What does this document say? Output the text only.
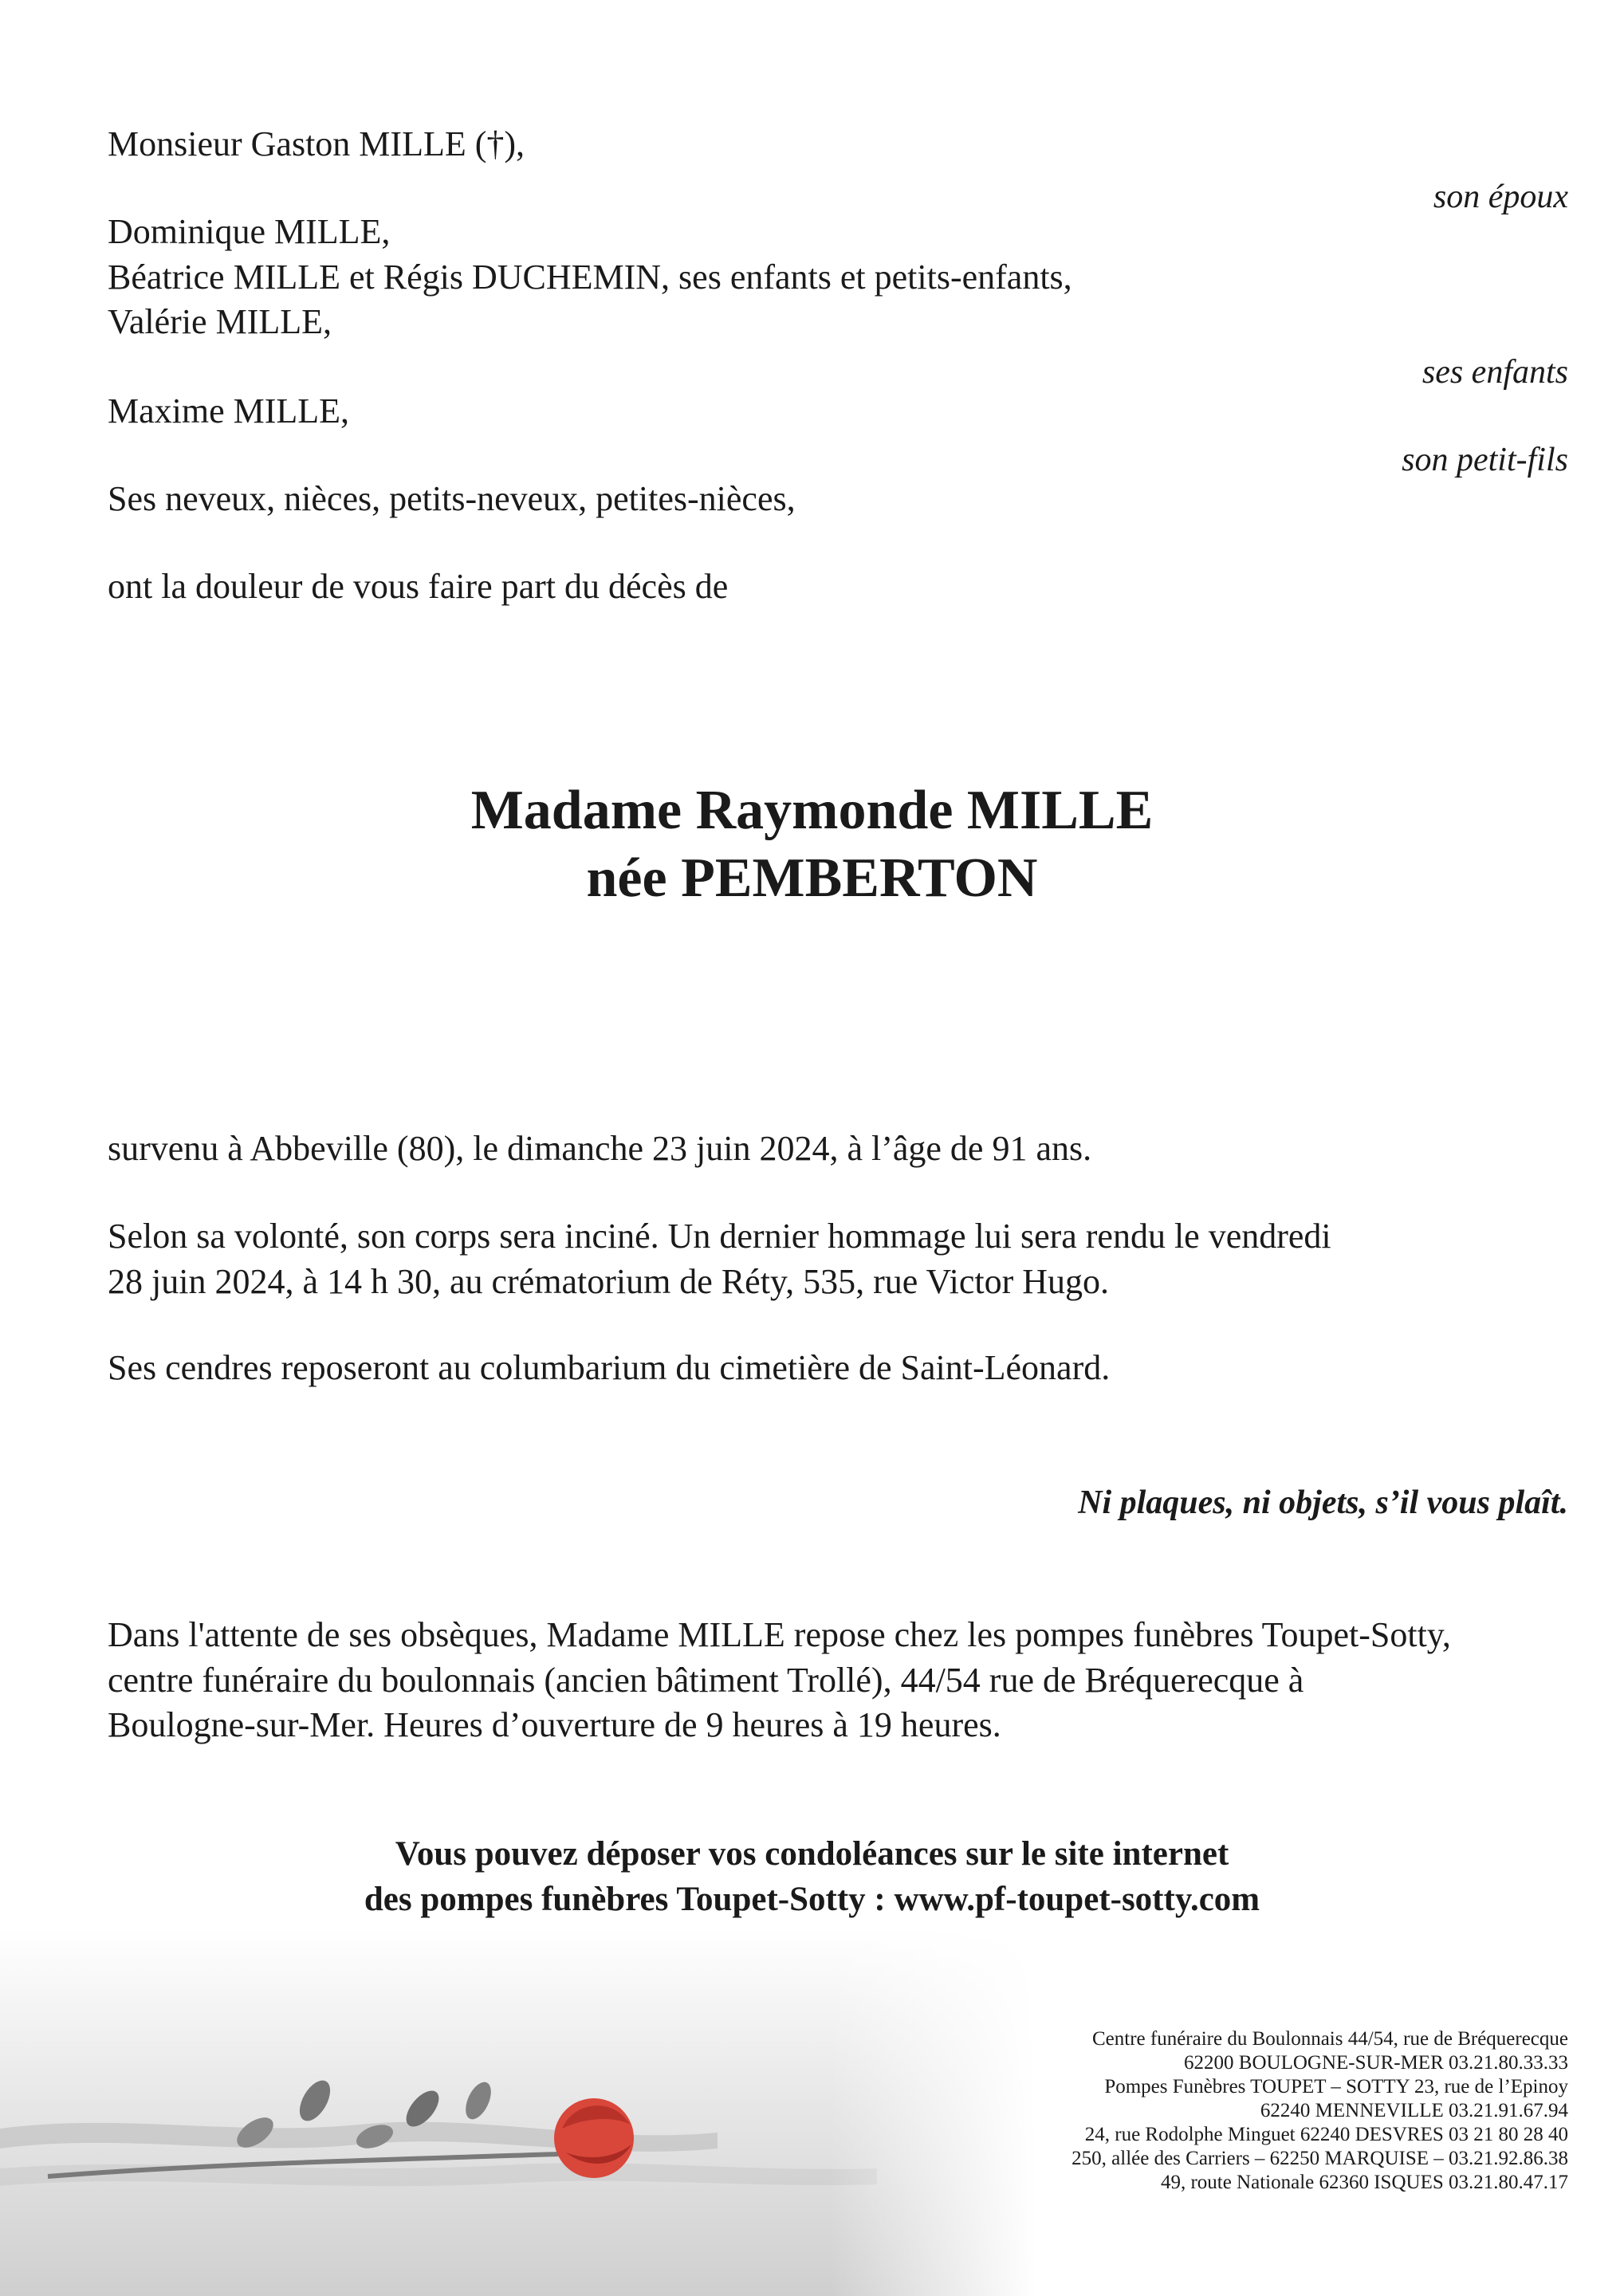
Monsieur Gaston MILLE (†),

son époux

Dominique MILLE,

Béatrice MILLE et Régis DUCHEMIN, ses enfants et petits-enfants,

Valérie MILLE,

ses enfants

Maxime MILLE,

son petit-fils

Ses neveux, nièces, petits-neveux, petites-nièces,

ont la douleur de vous faire part du décès de

Madame Raymonde MILLE

née PEMBERTON

survenu à Abbeville (80), le dimanche 23 juin 2024, à l’âge de 91 ans.

Selon sa volonté, son corps sera inciné. Un dernier hommage lui sera rendu le vendredi

28 juin 2024, à 14 h 30, au crématorium de Réty, 535, rue Victor Hugo.

Ses cendres reposeront au columbarium du cimetière de Saint-Léonard.

Ni plaques, ni objets, s’il vous plaît.

Dans l'attente de ses obsèques, Madame MILLE repose chez les pompes funèbres Toupet-Sotty,

centre funéraire du boulonnais (ancien bâtiment Trollé), 44/54 rue de Bréquerecque à

Boulogne-sur-Mer. Heures d’ouverture de 9 heures à 19 heures.

Vous pouvez déposer vos condoléances sur le site internet

des pompes funèbres Toupet-Sotty : www.pf-toupet-sotty.com

Centre funéraire du Boulonnais 44/54, rue de Bréquerecque
62200 BOULOGNE-SUR-MER 03.21.80.33.33
Pompes Funèbres TOUPET – SOTTY 23, rue de l’Epinoy
62240 MENNEVILLE 03.21.91.67.94
24, rue Rodolphe Minguet 62240 DESVRES 03 21 80 28 40
250, allée des Carriers – 62250 MARQUISE – 03.21.92.86.38
49, route Nationale 62360 ISQUES 03.21.80.47.17
